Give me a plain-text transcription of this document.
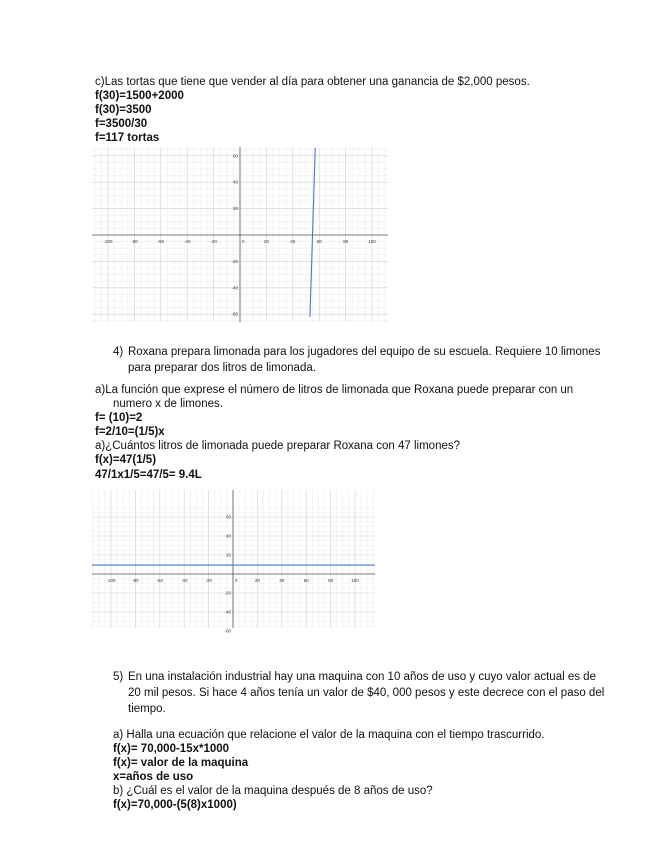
c)Las tortas que tiene que vender al día para obtener una ganancia de $2,000 pesos.
f(30)=1500+2000
f(30)=3500
f=3500/30
f=117 tortas
-100	-80	-60	-40	-20	0	20	40	60	80	100
60
40
20
-20
-40
-60
4) Roxana prepara limonada para los jugadores del equipo de su escuela. Requiere 10 limones
para preparar dos litros de limonada.
a)La función que exprese el número de litros de limonada que Roxana puede preparar con un
numero x de limones.
f= (10)=2
f=2/10=(1/5)x
a)¿Cuántos litros de limonada puede preparar Roxana con 47 limones?
f(x)=47(1/5)
47/1x1/5=47/5= 9.4L
-100	-80	-60	-40	-20	0	20	40	60	80	100
60
40
20
-20
-40
-60
5) En una instalación industrial hay una maquina con 10 años de uso y cuyo valor actual es de
20 mil pesos. Si hace 4 años tenía un valor de $40, 000 pesos y este decrece con el paso del
tiempo.
a) Halla una ecuación que relacione el valor de la maquina con el tiempo trascurrido.
f(x)= 70,000-15x*1000
f(x)= valor de la maquina
x=años de uso
b) ¿Cuál es el valor de la maquina después de 8 años de uso?
f(x)=70,000-(5(8)x1000)
